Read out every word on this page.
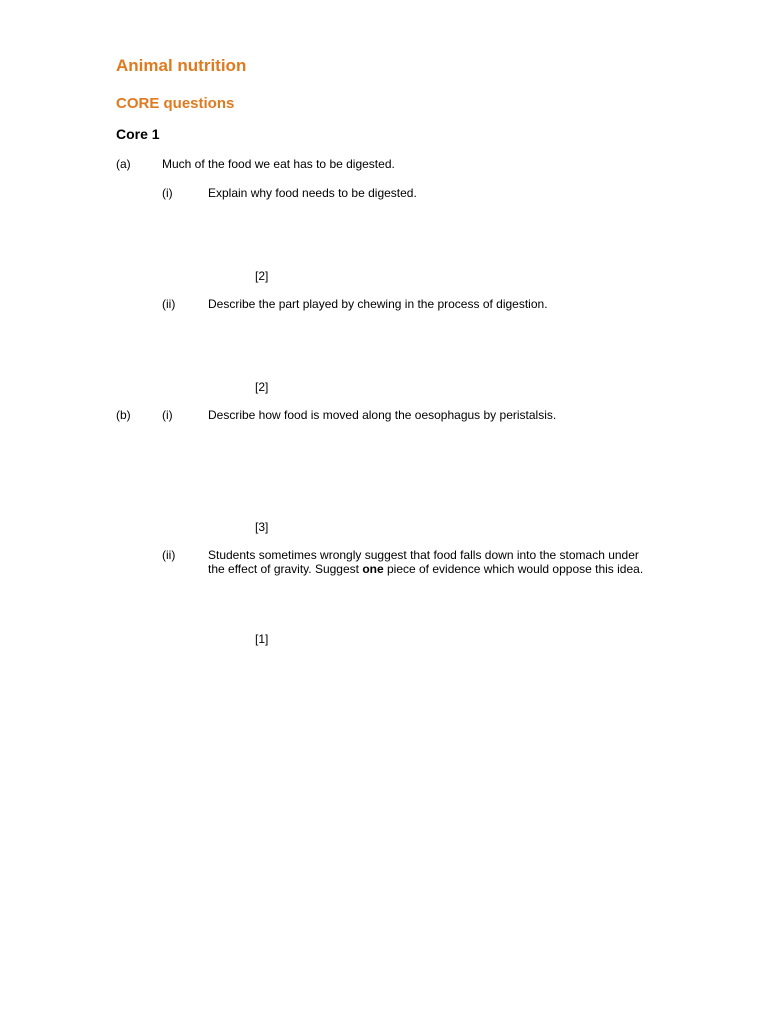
Animal nutrition
CORE questions
Core 1
(a)	Much of the food we eat has to be digested.
(i)	Explain why food needs to be digested.
[2]
(ii)	Describe the part played by chewing in the process of digestion.
[2]
(b)	(i)	Describe how food is moved along the oesophagus by peristalsis.
[3]
(ii)	Students sometimes wrongly suggest that food falls down into the stomach under the effect of gravity. Suggest one piece of evidence which would oppose this idea.
[1]
